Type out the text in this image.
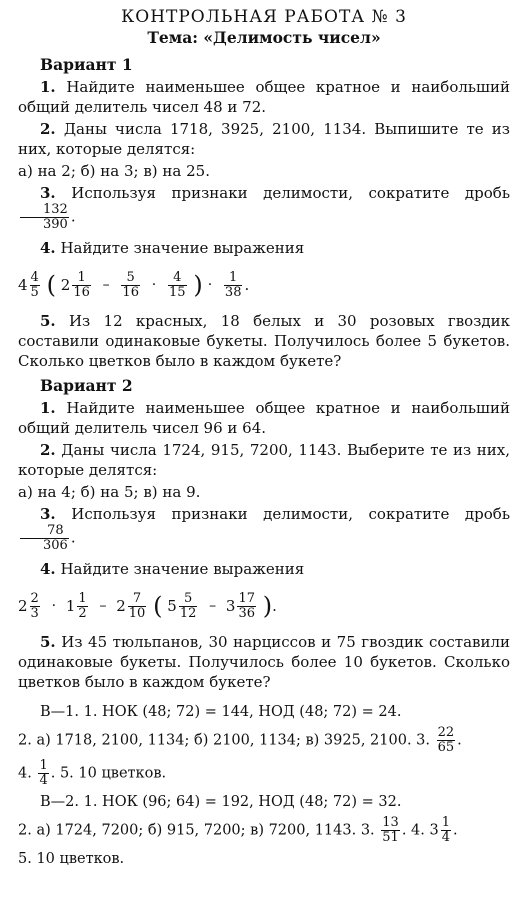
КОНТРОЛЬНАЯ РАБОТА № 3
Тема: «Делимость чисел»
Вариант 1

1. Найдите наименьшее общее кратное и наибольший общий делитель чисел 48 и 72.

2. Даны числа 1718, 3925, 2100, 1134. Выпишите те из них, которые делятся:

а) на 2; б) на 3; в) на 25.

3. Используя признаки делимости, сократите дробь
$\frac{132}{390}$ .

4. Найдите значение выражения

$4 \frac{4}{5}$ ( $2 \frac{1}{16} - \frac{5}{16} \cdot \frac{4}{15}$ ) · $\frac{1}{38}$ .

5. Из 12 красных, 18 белых и 30 розовых гвоздик составили одинаковые букеты. Получилось более 5 букетов. Сколько цветков было в каждом букете?

Вариант 2

1. Найдите наименьшее общее кратное и наибольший общий делитель чисел 96 и 64.

2. Даны числа 1724, 915, 7200, 1143. Выберите те из них, которые делятся:

а) на 4; б) на 5; в) на 9.

3. Используя признаки делимости, сократите дробь
$\frac{78}{306}$ .

4. Найдите значение выражения

$2 \frac{2}{3} \cdot 1 \frac{1}{2} - 2 \frac{7}{10}$ ( $5 \frac{5}{12} - 3 \frac{17}{36}$ ).

5. Из 45 тюльпанов, 30 нарциссов и 75 гвоздик составили одинаковые букеты. Получилось более 10 букетов. Сколько цветков было в каждом букете?

В—1. 1. НОК (48; 72) = 144, НОД (48; 72) = 24.
2. а) 1718, 2100, 1134; б) 2100, 1134; в) 3925, 2100. 3. $\frac{22}{65}$ .
4. $\frac{1}{4}$ . 5. 10 цветков.
В—2. 1. НОК (96; 64) = 192, НОД (48; 72) = 32.
2. а) 1724, 7200; б) 915, 7200; в) 7200, 1143. 3. $\frac{13}{51}$ . 4. $3 \frac{1}{4}$ .
5. 10 цветков.
